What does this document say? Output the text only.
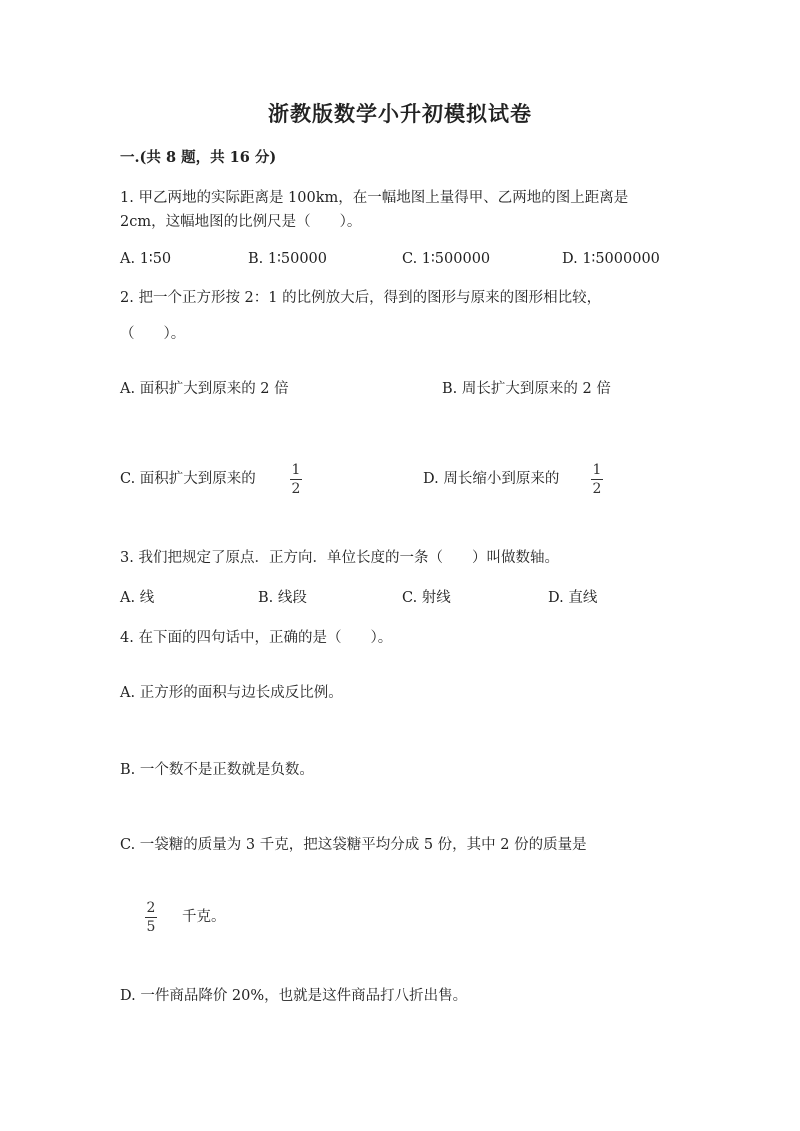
浙教版数学小升初模拟试卷
一.(共 8 题，共 16 分)
1. 甲乙两地的实际距离是 100km，在一幅地图上量得甲、乙两地的图上距离是
2cm，这幅地图的比例尺是（　　）。
A. 1∶50	B. 1∶50000	C. 1∶500000	D. 1∶5000000
2. 把一个正方形按 2：1 的比例放大后，得到的图形与原来的图形相比较，
（　　）。
A. 面积扩大到原来的 2 倍	B. 周长扩大到原来的 2 倍
C. 面积扩大到原来的
1
2
D. 周长缩小到原来的
1
2
3. 我们把规定了原点．正方向．单位长度的一条（　　）叫做数轴。
A. 线	B. 线段	C. 射线	D. 直线
4. 在下面的四句话中，正确的是（　　）。
A. 正方形的面积与边长成反比例。
B. 一个数不是正数就是负数。
C. 一袋糖的质量为 3 千克，把这袋糖平均分成 5 份，其中 2 份的质量是
2
5
千克。
D. 一件商品降价 20%，也就是这件商品打八折出售。
